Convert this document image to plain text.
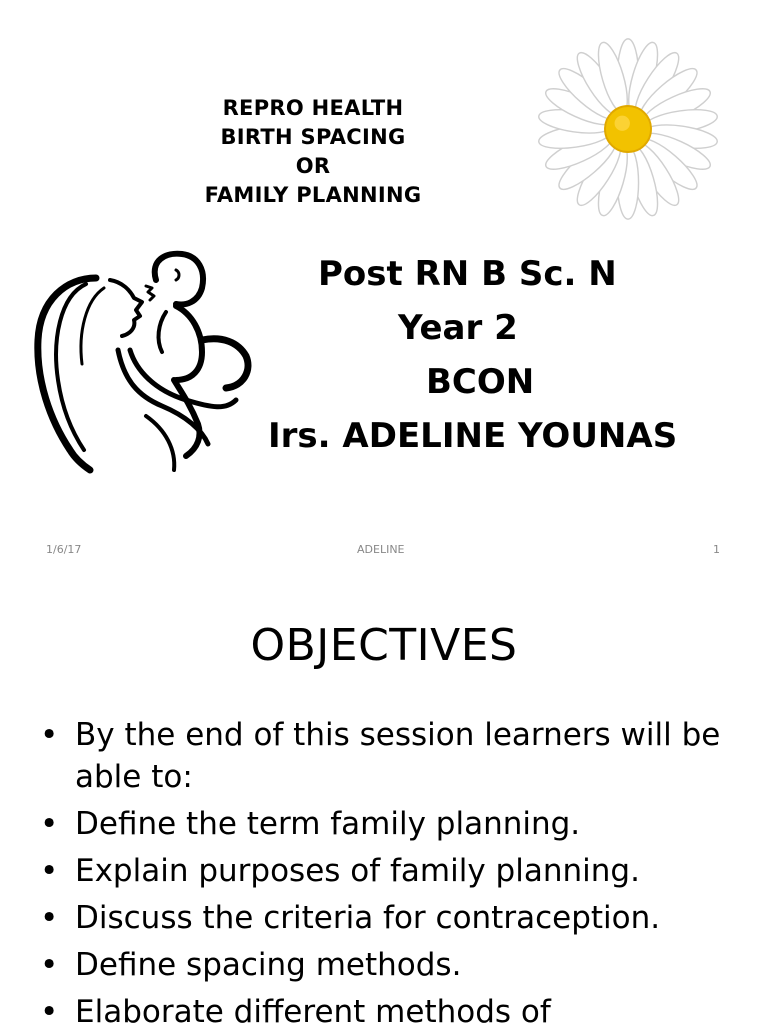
REPRO HEALTH
BIRTH SPACING
OR
FAMILY PLANNING
Post RN B Sc. N
Year 2
BCON
Irs. ADELINE YOUNAS
1/6/17	ADELINE	1
OBJECTIVES
• By the end of this session learners will be able to:
• Define the term family planning.
• Explain purposes of family planning.
• Discuss the criteria for contraception.
• Define spacing methods.
• Elaborate different methods of
